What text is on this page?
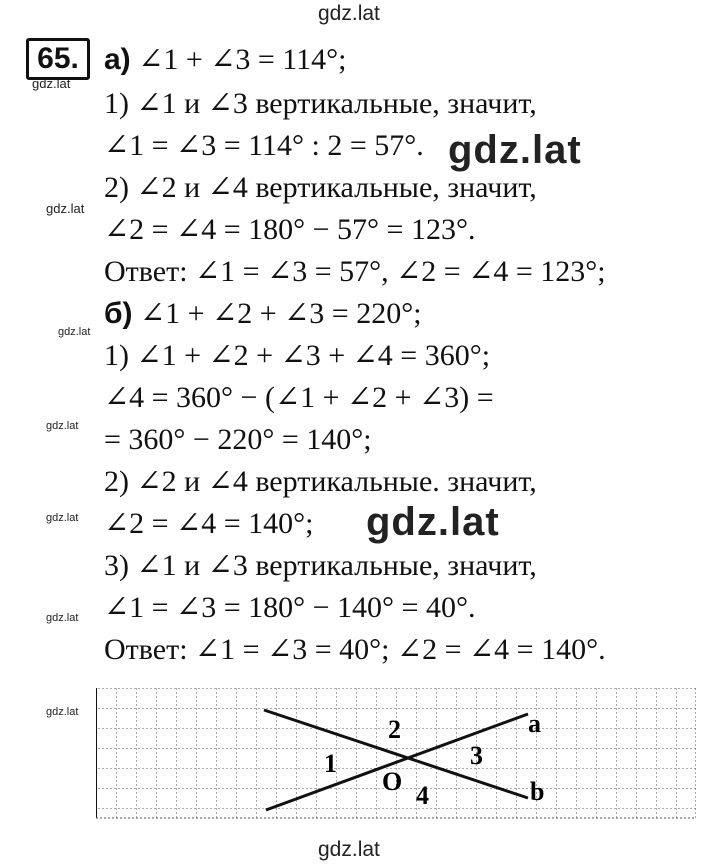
gdz.lat
gdz.lat
gdz.lat
gdz.lat
gdz.lat
gdz.lat
gdz.lat
gdz.lat
gdz.lat
gdz.lat
gdz.lat
65. а) ∠1 + ∠3 = 114°;
1) ∠1 и ∠3 вертикальные, значит,
∠1 = ∠3 = 114° : 2 = 57°.
2) ∠2 и ∠4 вертикальные, значит,
∠2 = ∠4 = 180° − 57° = 123°.
Ответ: ∠1 = ∠3 = 57°, ∠2 = ∠4 = 123°;
б) ∠1 + ∠2 + ∠3 = 220°;
1) ∠1 + ∠2 + ∠3 + ∠4 = 360°;
∠4 = 360° − (∠1 + ∠2 + ∠3) =
= 360° − 220° = 140°;
2) ∠2 и ∠4 вертикальные. значит,
∠2 = ∠4 = 140°;
3) ∠1 и ∠3 вертикальные, значит,
∠1 = ∠3 = 180° − 140° = 40°.
Ответ: ∠1 = ∠3 = 40°; ∠2 = ∠4 = 140°.
a
b
O
1
2
3
4
